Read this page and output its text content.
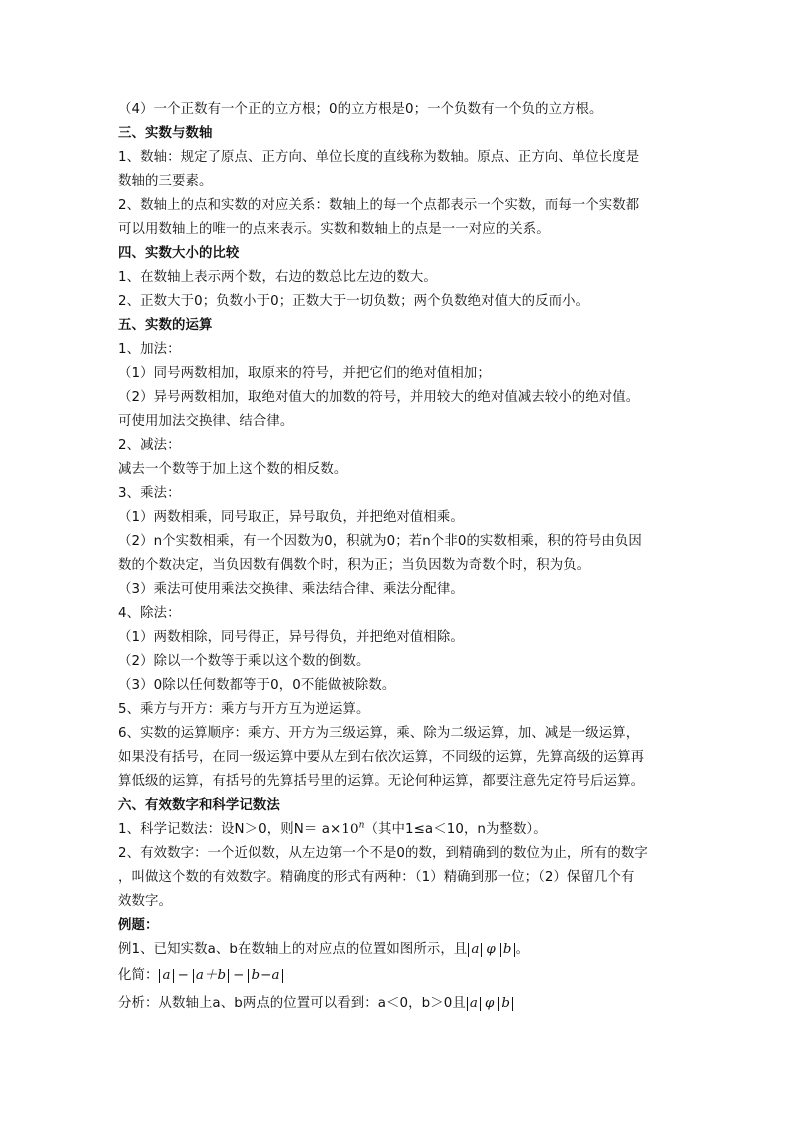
（4）一个正数有一个正的立方根；0的立方根是0；一个负数有一个负的立方根。
三、实数与数轴
1、数轴：规定了原点、正方向、单位长度的直线称为数轴。原点、正方向、单位长度是
数轴的三要素。
2、数轴上的点和实数的对应关系：数轴上的每一个点都表示一个实数，而每一个实数都
可以用数轴上的唯一的点来表示。实数和数轴上的点是一一对应的关系。
四、实数大小的比较
1、在数轴上表示两个数，右边的数总比左边的数大。
2、正数大于0；负数小于0；正数大于一切负数；两个负数绝对值大的反而小。
五、实数的运算
1、加法：
（1）同号两数相加，取原来的符号，并把它们的绝对值相加；
（2）异号两数相加，取绝对值大的加数的符号，并用较大的绝对值减去较小的绝对值。
可使用加法交换律、结合律。
2、减法：
减去一个数等于加上这个数的相反数。
3、乘法：
（1）两数相乘，同号取正，异号取负，并把绝对值相乘。
（2）n个实数相乘，有一个因数为0，积就为0；若n个非0的实数相乘，积的符号由负因
数的个数决定，当负因数有偶数个时，积为正；当负因数为奇数个时，积为负。
（3）乘法可使用乘法交换律、乘法结合律、乘法分配律。
4、除法：
（1）两数相除，同号得正，异号得负，并把绝对值相除。
（2）除以一个数等于乘以这个数的倒数。
（3）0除以任何数都等于0，0不能做被除数。
5、乘方与开方：乘方与开方互为逆运算。
6、实数的运算顺序：乘方、开方为三级运算，乘、除为二级运算，加、减是一级运算，
如果没有括号，在同一级运算中要从左到右依次运算，不同级的运算，先算高级的运算再
算低级的运算，有括号的先算括号里的运算。无论何种运算，都要注意先定符号后运算。
六、有效数字和科学记数法
1、科学记数法：设N＞0，则$N= a\times 10^n$（其中1≤a＜10，n为整数）。
2、有效数字：一个近似数，从左边第一个不是0的数，到精确到的数位为止，所有的数字
，叫做这个数的有效数字。精确度的形式有两种：（1）精确到那一位；（2）保留几个有
效数字。
例题：
例1、已知实数a、b在数轴上的对应点的位置如图所示，且 a φ b 。
化简： a − a＋b − b−a
分析：从数轴上a、b两点的位置可以看到：a＜0，b＞0且 a φ b
